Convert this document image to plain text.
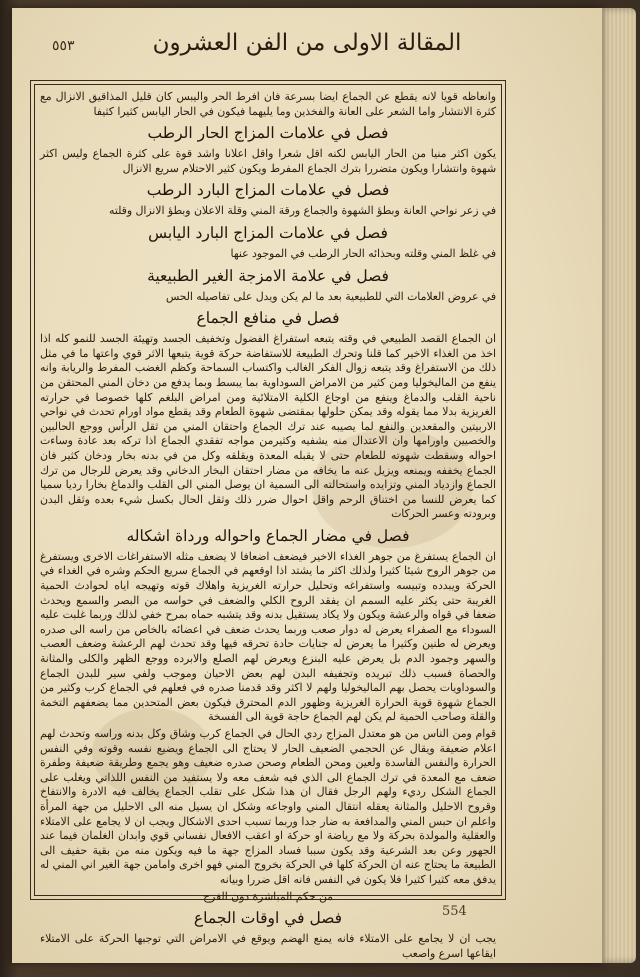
٥٥٣	المقالة الاولى من الفن العشرون

وانعاظه قويا لانه يقطع عن الجماع ايضا بسرعة فان افرط الحر واليبس كان قليل المذاقيق الانزال مع كثرة الانتشار واما الشعر على العانة والفخذين وما يليهما فيكون في الحار اليابس كثيرا كثيفا

فصل في علامات المزاج الحار الرطب

يكون اكثر منيا من الحار اليابس لكنه اقل شعرا واقل اعلانا واشد قوة على كثرة الجماع وليس اكثر شهوة وانتشارا ويكون متضررا بترك الجماع المفرط ويكون كثير الاحتلام سريع الانزال

فصل في علامات المزاج البارد الرطب

في زعر نواحي العانة وبطؤ الشهوة والجماع ورقة المني وقلة الاعلان وبطؤ الانزال وقلته

فصل في علامات المزاج البارد اليابس

في غلظ المني وقلته وبحذائه الحار الرطب في الموجود عنها

فصل في علامة الامزجة الغير الطبيعية

في عروض العلامات التي للطبيعية بعد ما لم يكن ويدل على تفاصيله الحس

فصل في منافع الجماع

ان الجماع القصد الطبيعي في وقته يتبعه استفراغ الفضول وتخفيف الجسد وتهيئة الجسد للنمو كله اذا اخذ من الغذاء الاخير كما قلنا وتحرك الطبيعة للاستفاضة حركة قوية يتبعها الاثر قوي واعتها ما في مثل ذلك من الاستفراغ وقد يتبعه زوال الفكر الغالب واكتساب السماحة وكظم الغضب المفرط والريابة وانه ينفع من الماليخوليا ومن كثير من الامراض السوداوية بما يبسط وبما يدفع من دخان المني المحتقن من ناحية القلب والدماغ وينفع من اوجاع الكلية الامتلائية ومن امراض البلغم كلها خصوصا في حرارته الغريزية بدلا مما يقوله وقد يمكن حلولها بمقتضى شهوة الطعام وقد يقطع مواد اورام تحدث في نواحي الاربيتين والمقعدين والنفع لما يصيبه عند ترك الجماع واحتقان المني من ثقل الرأس ووجع الحالبين والخصيين واورامها وان الاعتدال منه يشفيه وكثيرمن مواجه تفقدي الجماع اذا تركه بعد عادة وساءت احواله وسقطت شهوته للطعام حتى لا يقبله المعدة ويقلقه وكل من في بدنه بخار ودخان كثير فان الجماع يخففه ويمنعه ويزيل عنه ما يخافه من مضار احتقان البخار الدخاني وقد يعرض للرجال من ترك الجماع وازدياد المني وتزايده واستحالته الى السمية ان يوصل المني الى القلب والدماغ بخارا رديا سميا كما يعرض للنسا من اختناق الرحم واقل احوال ضرر ذلك وثقل الحال بكسل شيء بعده وثقل البدن وبرودته وعسر الحركات

فصل في مضار الجماع واحواله ورداة اشكاله

ان الجماع يستفرغ من جوهر الغذاء الاخير فيضعف اضعافا لا يضعف مثله الاستفراغات الاخرى ويستفرغ من جوهر الروح شيئا كثيرا ولذلك اكثر ما يشتد اذا اوقعهم في الجماع سريع الحكم وشره في الغداء في الحركة ويبدده وتبيسه واستفراغه وتحليل حرارته الغريزية واهلاك قوته وتهيجه اياه لحوادث الحمية الغريبة حتى يكثر عليه السمم ان يفقد الروح الكلي والضعف في حواسه من البصر والسمع ويحدث ضعفا في قواه والرعشة ويكون ولا يكاد يستقيل بدنه وقد يتشبه حماه بمرح خفي لذلك وربما غلبت عليه السوداء مع الصفراء يعرض له دوار صعب وربما يحدث ضعف في اعضائه بالخاص من راسه الى صدره ويعرض له طنين وكثيرا ما يعرض له جنايات حادة تحرقه فيها وقد تحدث لهم الرعشة وضعف العصب والسهر وجمود الدم بل يعرض عليه البنزع ويعرض لهم الصلع والابرده ووجع الظهر والكلى والمثانة والحصاة فسبب ذلك تبريده وتجفيفه البدن لهم بعض الاحيان وموجب ولفي سير للبدن الجماع والسوداويات يحصل بهم الماليخوليا ولهم لا اكثر وقد قدمنا صدره في فعلهم في الجماع كرب وكثير من الجماع شهوة قوية الحرارة الغريزية وظهور الدم المحترق فيكون بعض المتحدين مما يضعفهم التخمة والقلة وصاحب الحمية لم يكن لهم الجماع حاجة قوية الى الفسخة

قوام ومن الناس من هو معتدل المزاج ردي الحال في الجماع كرب وشاق وكل بدنه وراسه وتحدث لهم اعلام ضعيفة ويقال عن الحجمي الضعيف الحار لا يحتاج الى الجماع ويضيع نفسه وقوته وفي النفس الحرارة والنفس الفاسدة ولعين ومحن الطعام وصحن صدره ضعيف وهو يجمع وطريقة ضعيفة وطفرة ضعف مع المعدة في ترك الجماع الى الذي فيه شعف معه ولا يستفيد من النفس اللذاتي ويغلب على الجماع الشكل رديء ولهم الرجل فقال ان هذا شكل على تقلب الجماع يخالف فيه الادرة والانتفاخ وقروح الاحليل والمثانة يعقله انتقال المني واوجاعه وشكل ان يسيل منه الى الاحليل من جهة المرأة واعلم ان حبس المني والمدافعة به ضار جدا وربما تسبب احدى الاشكال ويجب ان لا يجامع على الامتلاء والعقلية والمولدة بحركة ولا مع رياضة او حركة او اعقب الافعال نفساني قوي وابدان الغلمان فيما عند الجهور وعن بعد الشرعية وقد يكون سببا فساد المزاج جهة ما فيه ويكون منه من بقية حفيف الى الطبيعة ما يحتاج عنه ان الحركة كلها في الحركة بخروج المني فهو اخرى وامامن جهة الغير اني المني له يدفق معه كثيرا كثيرا فلا يكون في النفس فانه اقل ضررا وبيانه

من حكم المباشرة دون الفرج

فصل في اوقات الجماع

يجب ان لا يجامع على الامتلاء فانه يمنع الهضم ويوقع في الامراض التي توجبها الحركة على الامتلاء ايقاعها اسرع واصعب

554
